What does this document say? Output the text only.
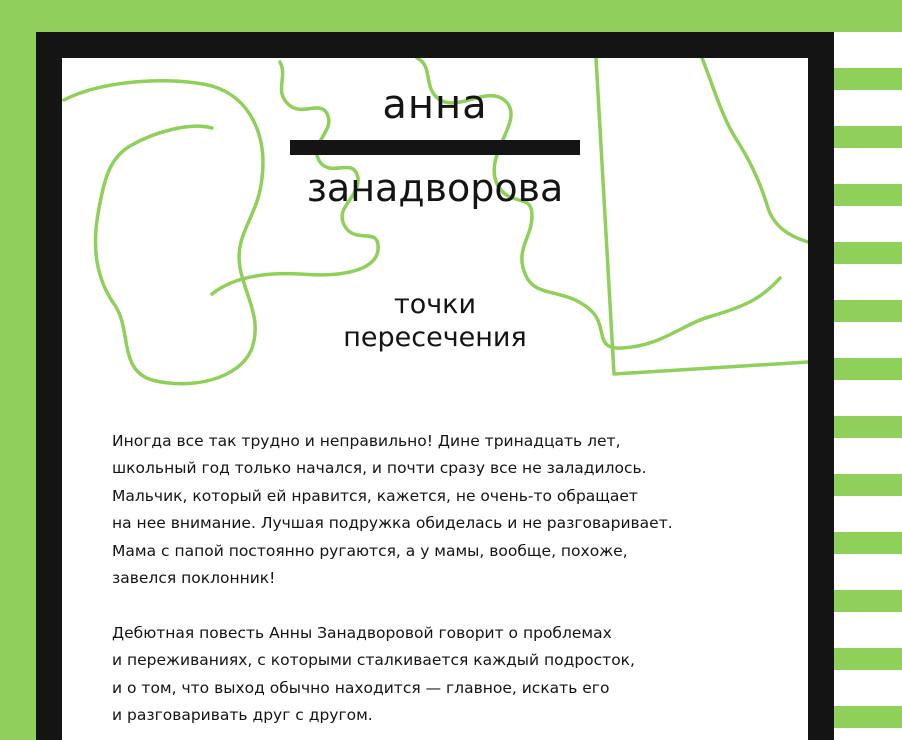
анна
занадворова
точки
пересечения
Иногда все так трудно и неправильно! Дине тринадцать лет,
школьный год только начался, и почти сразу все не заладилось.
Мальчик, который ей нравится, кажется, не очень-то обращает
на нее внимание. Лучшая подружка обиделась и не разговаривает.
Мама с папой постоянно ругаются, а у мамы, вообще, похоже,
завелся поклонник!
Дебютная повесть Анны Занадворовой говорит о проблемах
и переживаниях, с которыми сталкивается каждый подросток,
и о том, что выход обычно находится — главное, искать его
и разговаривать друг с другом.
